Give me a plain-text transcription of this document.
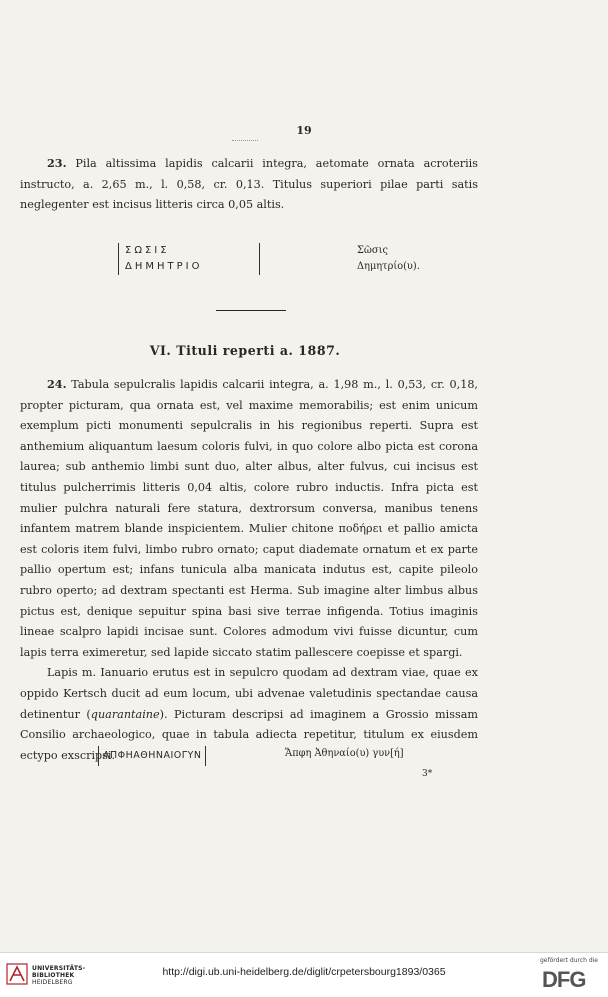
19

23. Pila altissima lapidis calcarii integra, aetomate ornata acroteriis instructo, a. 2,65 m., l. 0,58, cr. 0,13. Titulus superiori pilae parti satis neglegenter est incisus litteris circa 0,05 altis.

ΣΩΣΙΣ
ΔΗΜΗΤΡΙΟ
Σῶσις
Δημητρίο(υ).
VI. Tituli reperti a. 1887.

24. Tabula sepulcralis lapidis calcarii integra, a. 1,98 m., l. 0,53, cr. 0,18, propter picturam, qua ornata est, vel maxime memorabilis; est enim unicum exemplum picti monumenti sepulcralis in his regionibus reperti. Supra est anthemium aliquantum laesum coloris fulvi, in quo colore albo picta est corona laurea; sub anthemio limbi sunt duo, alter albus, alter fulvus, cui incisus est titulus pulcherrimis litteris 0,04 altis, colore rubro inductis. Infra picta est mulier pulchra naturali fere statura, dextrorsum conversa, manibus tenens infantem matrem blande inspicientem. Mulier chitone ποδήρει et pallio amicta est coloris item fulvi, limbo rubro ornato; caput diademate ornatum et ex parte pallio opertum est; infans tunicula alba manicata indutus est, capite pileolo rubro operto; ad dextram spectanti est Herma. Sub imagine alter limbus albus pictus est, denique sepuitur spina basi sive terrae infigenda. Totius imaginis lineae scalpro lapidi incisae sunt. Colores admodum vivi fuisse dicuntur, cum lapis terra eximeretur, sed lapide siccato statim pallescere coepisse et spargi.

Lapis m. Ianuario erutus est in sepulcro quodam ad dextram viae, quae ex oppido Kertsch ducit ad eum locum, ubi advenae valetudinis spectandae causa detinentur (quarantaine). Picturam descripsi ad imaginem a Grossio missam Consilio archaeologico, quae in tabula adiecta repetitur, titulum ex eiusdem ectypo exscripsi.

ΑΠΦΗΑΘΗΝΑΙΟΓΥΝ	Ἄπφη Ἀθηναίο(υ) γυν[ή]
3*
UNIVERSITÄTS-
BIBLIOTHEK
HEIDELBERG
http://digi.ub.uni-heidelberg.de/diglit/crpetersbourg1893/0365
gefördert durch die
DFG
